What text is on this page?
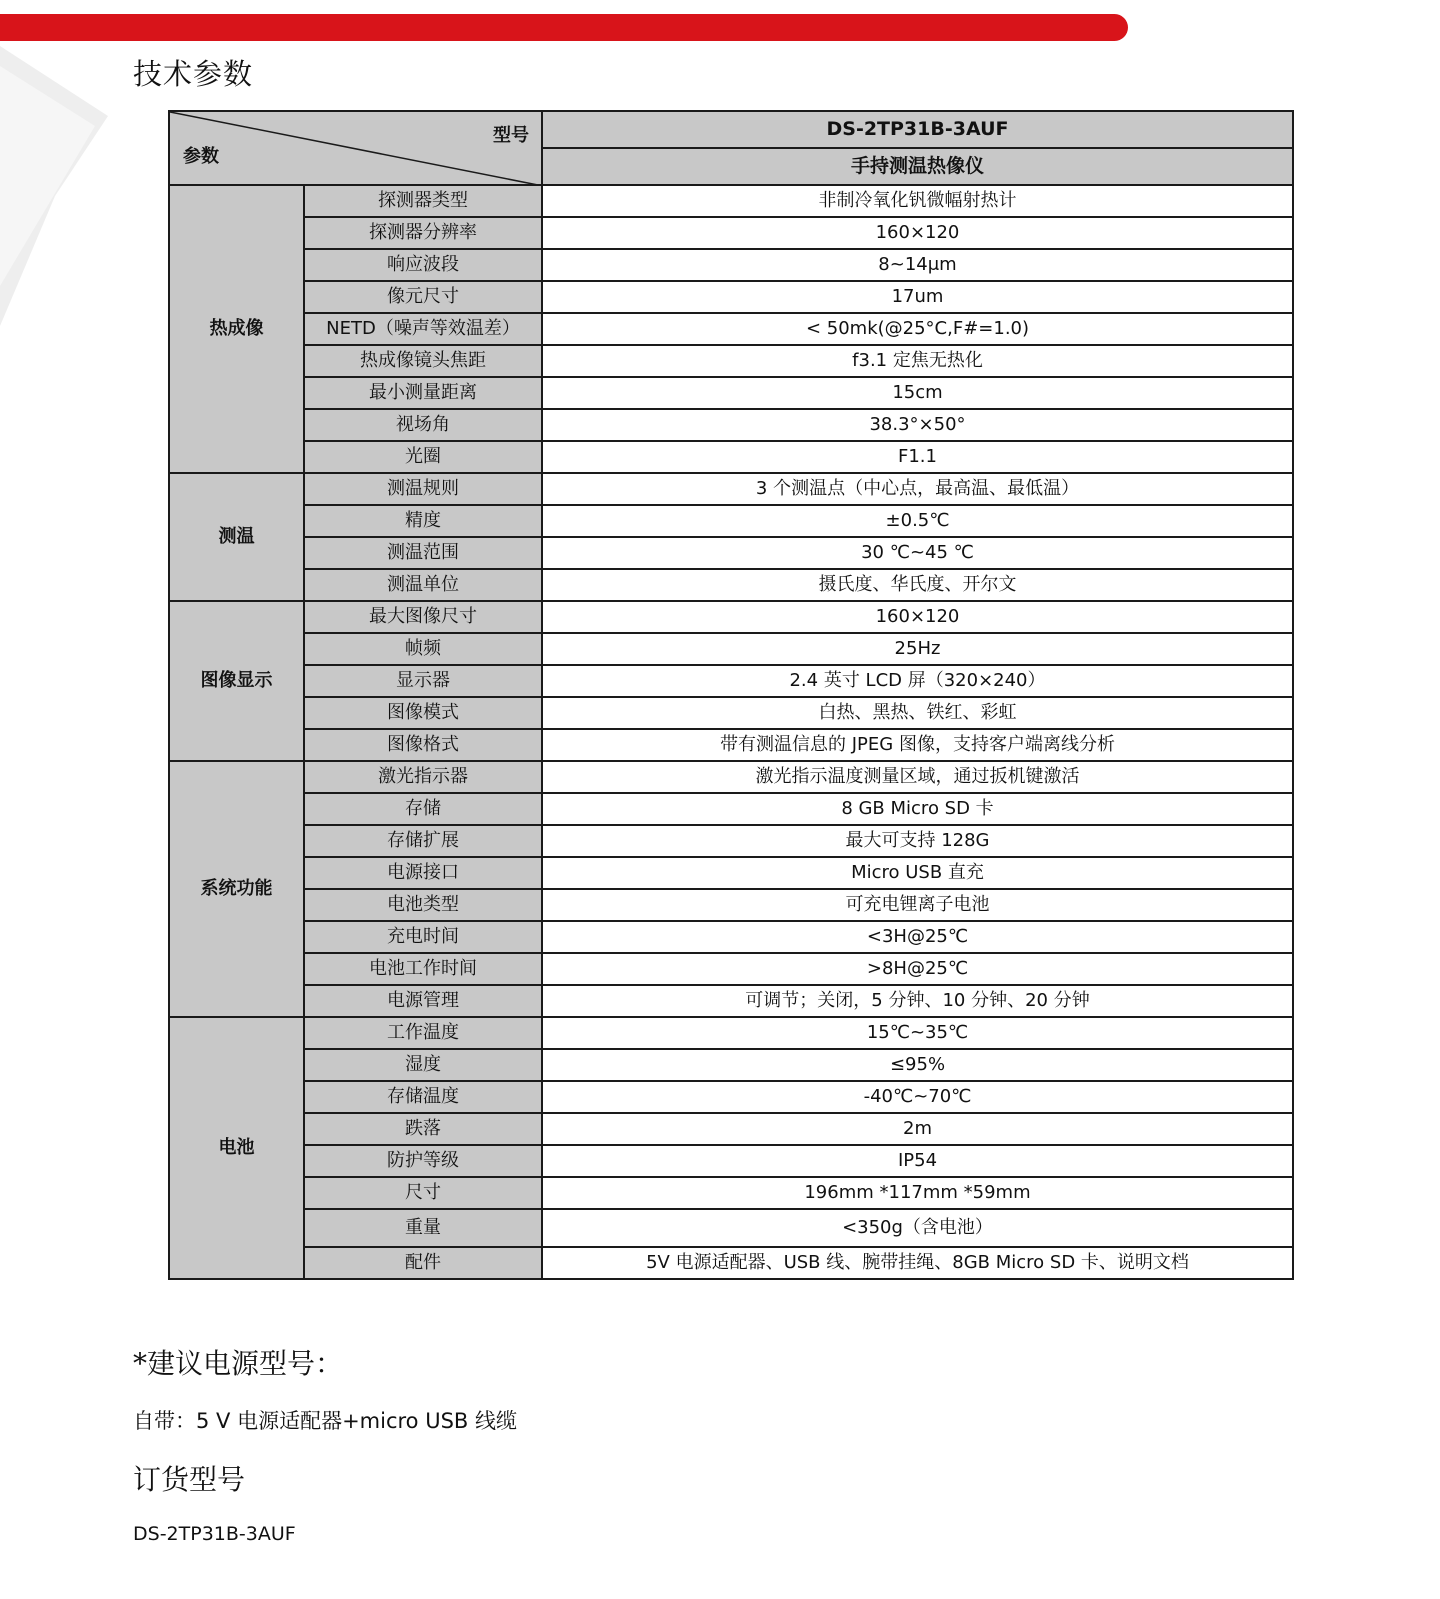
技术参数
型号
参数		DS-2TP31B-3AUF
		手持测温热像仪
热成像	探测器类型	非制冷氧化钒微幅射热计
	探测器分辨率	160×120
	响应波段	8~14μm
	像元尺寸	17um
	NETD（噪声等效温差）	< 50mk(@25°C,F#=1.0)
	热成像镜头焦距	f3.1 定焦无热化
	最小测量距离	15cm
	视场角	38.3°×50°
	光圈	F1.1
测温	测温规则	3 个测温点（中心点，最高温、最低温）
	精度	±0.5℃
	测温范围	30 ℃~45 ℃
	测温单位	摄氏度、华氏度、开尔文
图像显示	最大图像尺寸	160×120
	帧频	25Hz
	显示器	2.4 英寸 LCD 屏（320×240）
	图像模式	白热、黑热、铁红、彩虹
	图像格式	带有测温信息的 JPEG 图像，支持客户端离线分析
系统功能	激光指示器	激光指示温度测量区域，通过扳机键激活
	存储	8 GB Micro SD 卡
	存储扩展	最大可支持 128G
	电源接口	Micro USB 直充
	电池类型	可充电锂离子电池
	充电时间	<3H@25℃
	电池工作时间	>8H@25℃
	电源管理	可调节；关闭，5 分钟、10 分钟、20 分钟
电池	工作温度	15℃~35℃
	湿度	≤95%
	存储温度	-40℃~70℃
	跌落	2m
	防护等级	IP54
	尺寸	196mm *117mm *59mm
	重量	<350g（含电池）
	配件	5V 电源适配器、USB 线、腕带挂绳、8GB Micro SD 卡、说明文档
*建议电源型号：
自带：5 V 电源适配器+micro USB 线缆
订货型号
DS-2TP31B-3AUF
